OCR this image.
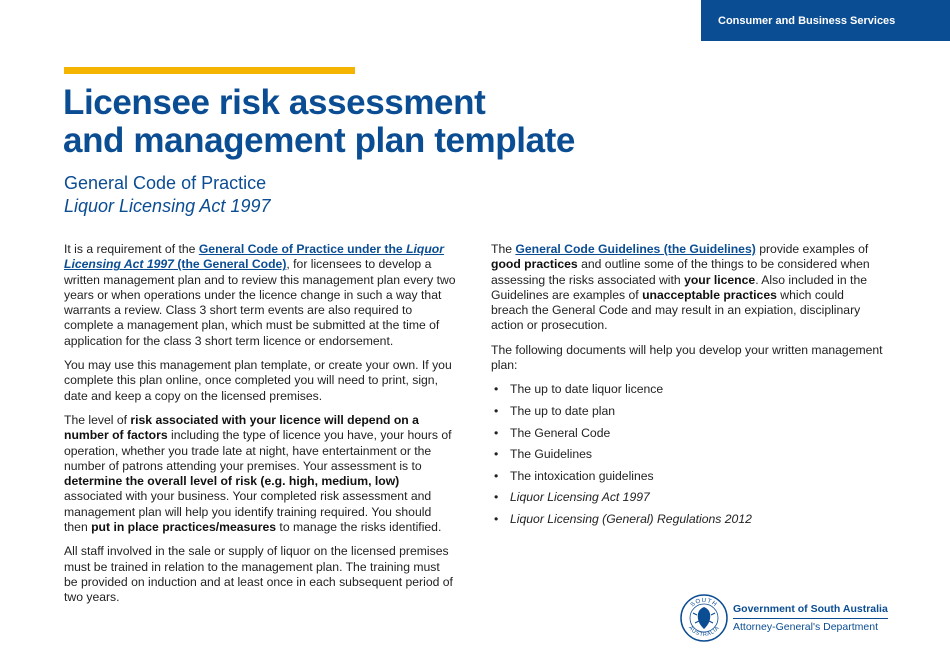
Consumer and Business Services
Licensee risk assessment
and management plan template
General Code of Practice
Liquor Licensing Act 1997

It is a requirement of the General Code of Practice under the Liquor Licensing Act 1997 (the General Code), for licensees to develop a written management plan and to review this management plan every two years or when operations under the licence change in such a way that warrants a review. Class 3 short term events are also required to complete a management plan, which must be submitted at the time of application for the class 3 short term licence or endorsement.

You may use this management plan template, or create your own. If you complete this plan online, once completed you will need to print, sign, date and keep a copy on the licensed premises.

The level of risk associated with your licence will depend on a number of factors including the type of licence you have, your hours of operation, whether you trade late at night, have entertainment or the number of patrons attending your premises. Your assessment is to determine the overall level of risk (e.g. high, medium, low) associated with your business. Your completed risk assessment and management plan will help you identify training required. You should then put in place practices/measures to manage the risks identified.

All staff involved in the sale or supply of liquor on the licensed premises must be trained in relation to the management plan. The training must be provided on induction and at least once in each subsequent period of two years.

The General Code Guidelines (the Guidelines) provide examples of good practices and outline some of the things to be considered when assessing the risks associated with your licence. Also included in the Guidelines are examples of unacceptable practices which could breach the General Code and may result in an expiation, disciplinary action or prosecution.

The following documents will help you develop your written management plan:

• The up to date liquor licence
• The up to date plan
• The General Code
• The Guidelines
• The intoxication guidelines
• Liquor Licensing Act 1997
• Liquor Licensing (General) Regulations 2012
SOUTH
AUSTRALIA
Government of South Australia
Attorney-General's Department
